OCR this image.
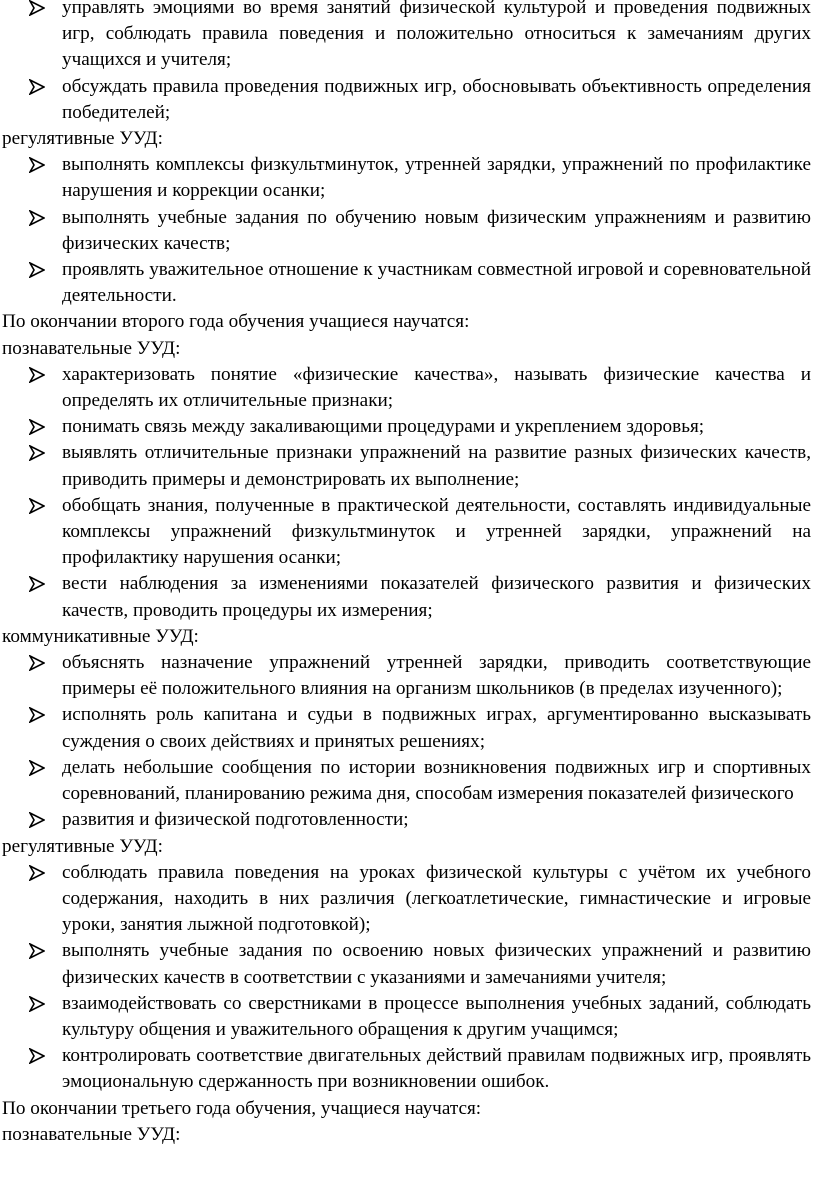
управлять эмоциями во время занятий физической культурой и проведения подвижных игр, соблюдать правила поведения и положительно относиться к замечаниям других учащихся и учителя;
обсуждать правила проведения подвижных игр, обосновывать объективность определения победителей;

регулятивные УУД:

выполнять комплексы физкультминуток, утренней зарядки, упражнений по профилактике нарушения и коррекции осанки;
выполнять учебные задания по обучению новым физическим упражнениям и развитию физических качеств;
проявлять уважительное отношение к участникам совместной игровой и соревновательной деятельности.

По окончании второго года обучения учащиеся научатся:

познавательные УУД:

характеризовать понятие «физические качества», называть физические качества и определять их отличительные признаки;
понимать связь между закаливающими процедурами и укреплением здоровья;
выявлять отличительные признаки упражнений на развитие разных физических качеств, приводить примеры и демонстрировать их выполнение;
обобщать знания, полученные в практической деятельности, составлять индивидуальные комплексы упражнений физкультминуток и утренней зарядки, упражнений на профилактику нарушения осанки;
вести наблюдения за изменениями показателей физического развития и физических качеств, проводить процедуры их измерения;

коммуникативные УУД:

объяснять назначение упражнений утренней зарядки, приводить соответствующие примеры её положительного влияния на организм школьников (в пределах изученного);
исполнять роль капитана и судьи в подвижных играх, аргументированно высказывать суждения о своих действиях и принятых решениях;
делать небольшие сообщения по истории возникновения подвижных игр и спортивных соревнований, планированию режима дня, способам измерения показателей физического
развития и физической подготовленности;

регулятивные УУД:

соблюдать правила поведения на уроках физической культуры с учётом их учебного содержания, находить в них различия (легкоатлетические, гимнастические и игровые уроки, занятия лыжной подготовкой);
выполнять учебные задания по освоению новых физических упражнений и развитию физических качеств в соответствии с указаниями и замечаниями учителя;
взаимодействовать со сверстниками в процессе выполнения учебных заданий, соблюдать культуру общения и уважительного обращения к другим учащимся;
контролировать соответствие двигательных действий правилам подвижных игр, проявлять эмоциональную сдержанность при возникновении ошибок.

По окончании третьего года обучения, учащиеся научатся:

познавательные УУД:
